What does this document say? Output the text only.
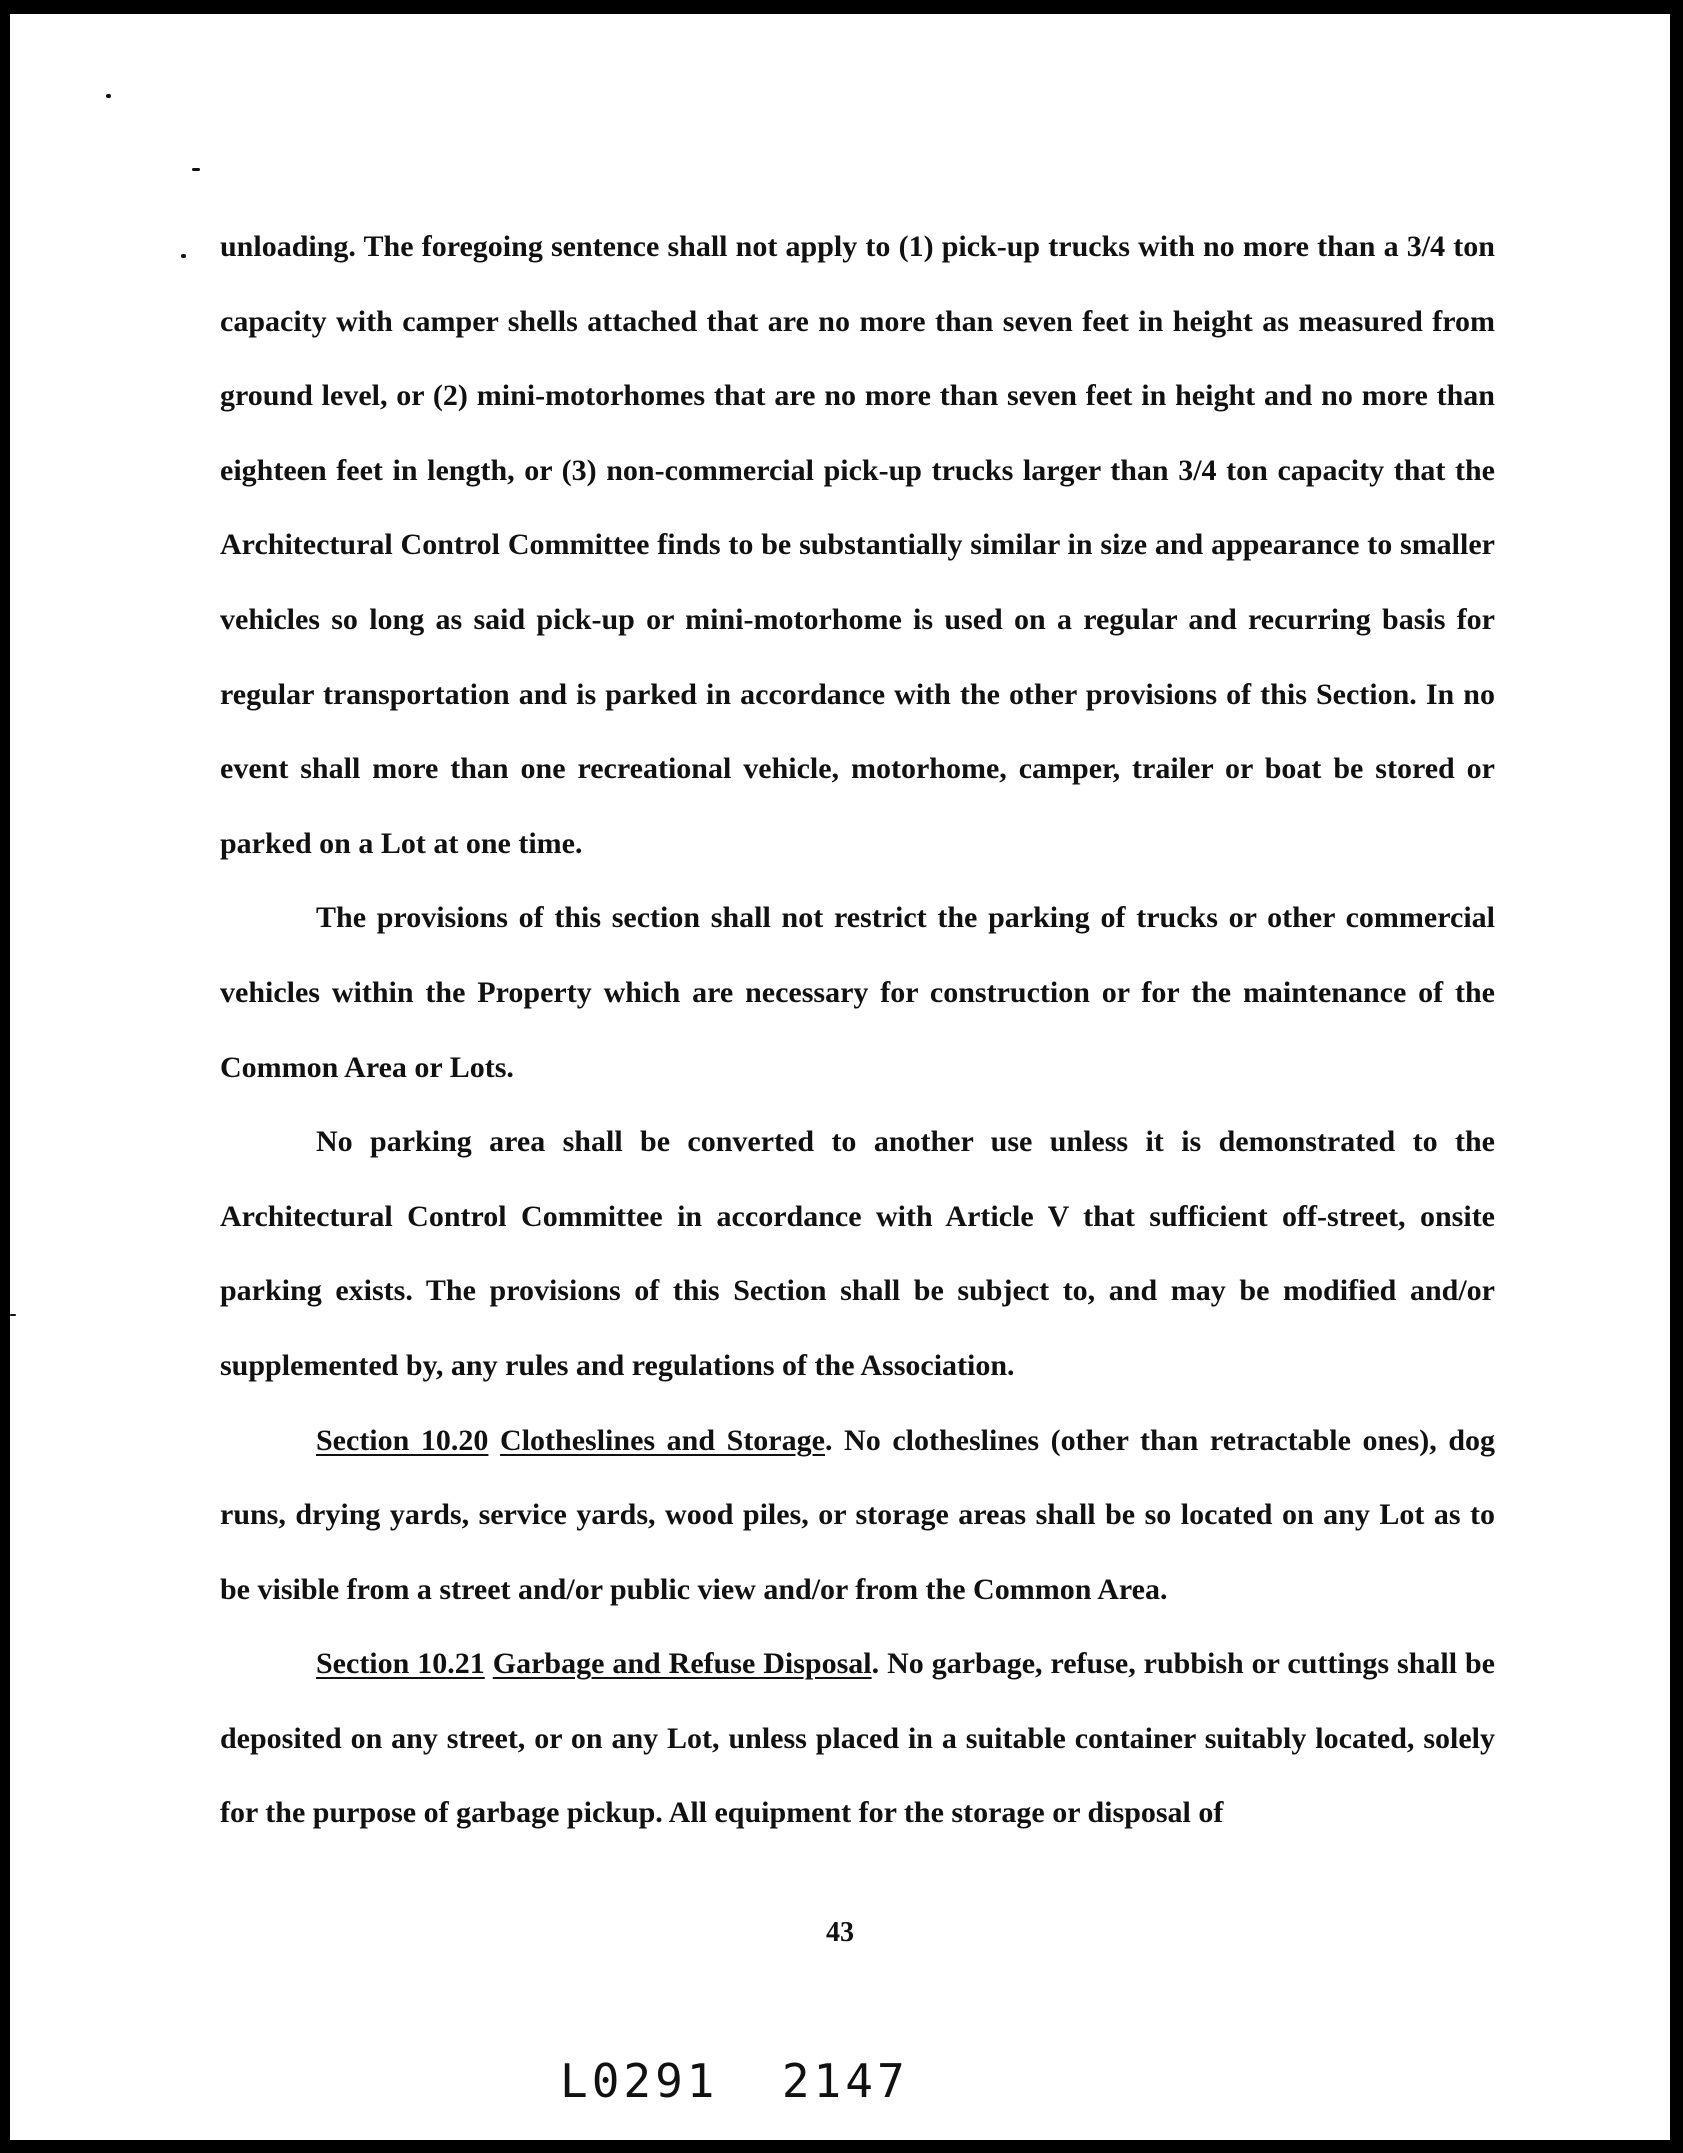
unloading. The foregoing sentence shall not apply to (1) pick-up trucks with no more than a 3/4 ton capacity with camper shells attached that are no more than seven feet in height as measured from ground level, or (2) mini-motorhomes that are no more than seven feet in height and no more than eighteen feet in length, or (3) non-commercial pick-up trucks larger than 3/4 ton capacity that the Architectural Control Committee finds to be substantially similar in size and appearance to smaller vehicles so long as said pick-up or mini-motorhome is used on a regular and recurring basis for regular transportation and is parked in accordance with the other provisions of this Section. In no event shall more than one recreational vehicle, motorhome, camper, trailer or boat be stored or parked on a Lot at one time.

The provisions of this section shall not restrict the parking of trucks or other commercial vehicles within the Property which are necessary for construction or for the maintenance of the Common Area or Lots.

No parking area shall be converted to another use unless it is demonstrated to the Architectural Control Committee in accordance with Article V that sufficient off-street, onsite parking exists. The provisions of this Section shall be subject to, and may be modified and/or supplemented by, any rules and regulations of the Association.

Section 10.20 Clotheslines and Storage. No clotheslines (other than retractable ones), dog runs, drying yards, service yards, wood piles, or storage areas shall be so located on any Lot as to be visible from a street and/or public view and/or from the Common Area.

Section 10.21 Garbage and Refuse Disposal. No garbage, refuse, rubbish or cuttings shall be deposited on any street, or on any Lot, unless placed in a suitable container suitably located, solely for the purpose of garbage pickup. All equipment for the storage or disposal of

43
L0291  2147
